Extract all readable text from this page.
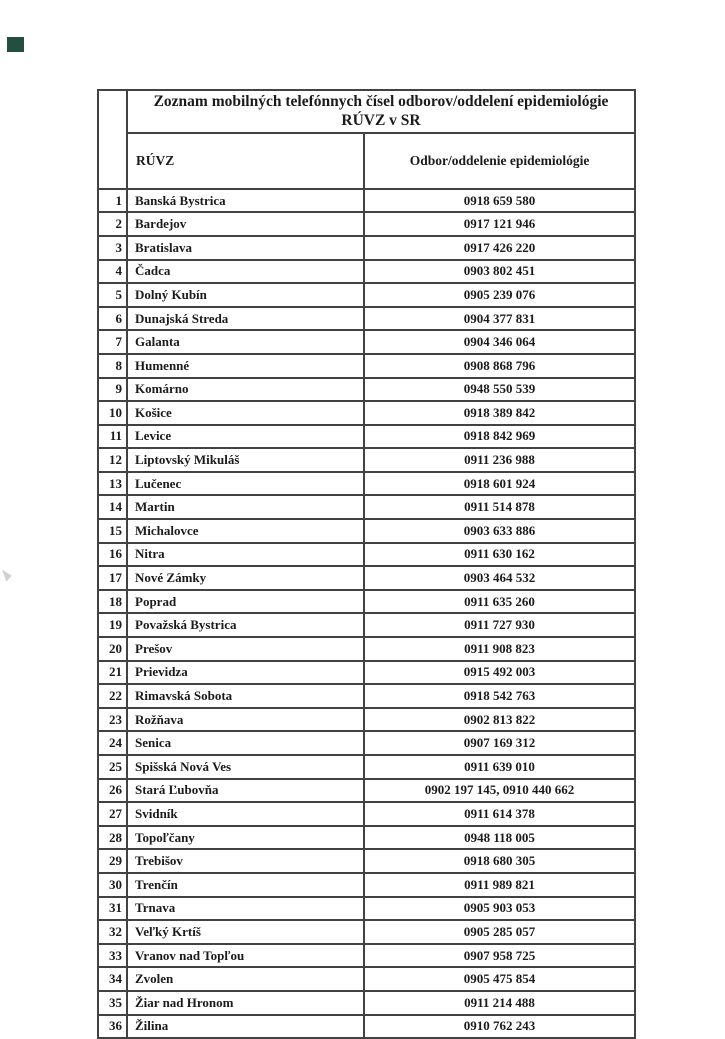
	Zoznam mobilných telefónnych čísel odborov/oddelení epidemiológie
RÚVZ v SR	

	RÚVZ	Odbor/oddelenie epidemiológie
1	Banská Bystrica	0918 659 580
2	Bardejov	0917 121 946
3	Bratislava	0917 426 220
4	Čadca	0903 802 451
5	Dolný Kubín	0905 239 076
6	Dunajská Streda	0904 377 831
7	Galanta	0904 346 064
8	Humenné	0908 868 796
9	Komárno	0948 550 539
10	Košice	0918 389 842
11	Levice	0918 842 969
12	Liptovský Mikuláš	0911 236 988
13	Lučenec	0918 601 924
14	Martin	0911 514 878
15	Michalovce	0903 633 886
16	Nitra	0911 630 162
17	Nové Zámky	0903 464 532
18	Poprad	0911 635 260
19	Považská Bystrica	0911 727 930
20	Prešov	0911 908 823
21	Prievidza	0915 492 003
22	Rimavská Sobota	0918 542 763
23	Rožňava	0902 813 822
24	Senica	0907 169 312
25	Spišská Nová Ves	0911 639 010
26	Stará Ľubovňa	0902 197 145, 0910 440 662
27	Svidník	0911 614 378
28	Topoľčany	0948 118 005
29	Trebišov	0918 680 305
30	Trenčín	0911 989 821
31	Trnava	0905 903 053
32	Veľký Krtíš	0905 285 057
33	Vranov nad Topľou	0907 958 725
34	Zvolen	0905 475 854
35	Žiar nad Hronom	0911 214 488
36	Žilina	0910 762 243
